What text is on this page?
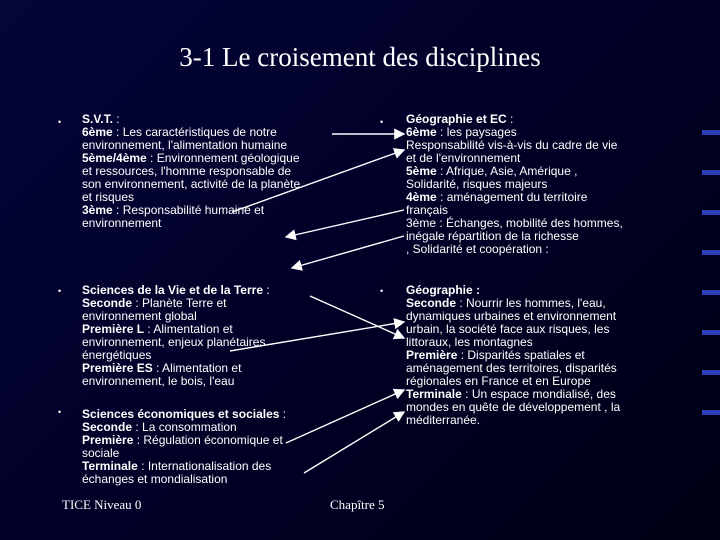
3-1 Le croisement des disciplines
•
•
•
•
•
S.V.T. :
6ème : Les caractéristiques de notre
environnement, l'alimentation humaine
5ème/4ème : Environnement géologique
et ressources, l'homme responsable de
son environnement, activité de la planète
et risques
3ème : Responsabilité humaine et
environnement
Sciences de la Vie et de la Terre :
Seconde : Planète Terre et
environnement global
Première L : Alimentation et
environnement, enjeux planétaires
énergétiques
Première ES : Alimentation et
environnement, le bois, l'eau
Sciences économiques et sociales :
Seconde : La consommation
Première : Régulation économique et
sociale
Terminale : Internationalisation des
échanges et mondialisation
Géographie et EC :
6ème : les paysages
Responsabilité vis-à-vis du cadre de vie
et de l'environnement
5ème : Afrique, Asie, Amérique ,
Solidarité, risques majeurs
4ème : aménagement du territoire
français
3ème : Échanges, mobilité des hommes,
inégale répartition de la richesse
, Solidarité et coopération :
Géographie :
Seconde : Nourrir les hommes, l'eau,
dynamiques urbaines et environnement
urbain, la société face aux risques, les
littoraux, les montagnes
Première : Disparités spatiales et
aménagement des territoires, disparités
régionales en France et en Europe
Terminale : Un espace mondialisé, des
mondes en quête de développement , la
méditerranée.
TICE Niveau 0	Chapître 5
